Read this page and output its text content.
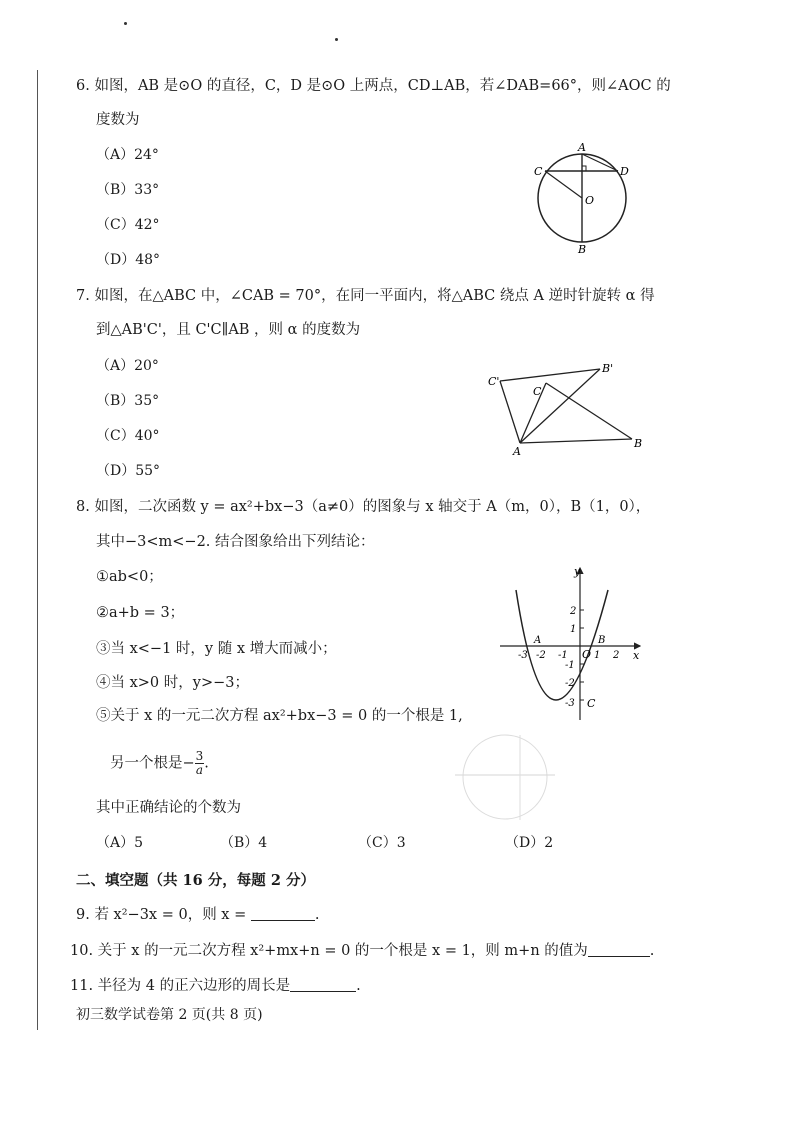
6. 如图，AB 是⊙O 的直径，C，D 是⊙O 上两点，CD⊥AB，若∠DAB=66°，则∠AOC 的
度数为
（A）24°
（B）33°
（C）42°
（D）48°
A
C	D
O
B
7. 如图，在△ABC 中，∠CAB = 70°，在同一平面内，将△ABC 绕点 A 逆时针旋转 α 得
到△AB'C'，且 C'C∥AB ，则 α 的度数为
（A）20°
（B）35°
（C）40°
（D）55°
C'
C
B'
A
B
8. 如图，二次函数 y = ax²+bx−3（a≠0）的图象与 x 轴交于 A（m，0），B（1，0），
其中−3<m<−2. 结合图象给出下列结论：
①ab<0；
②a+b = 3；
③当 x<−1 时，y 随 x 增大而减小；
④当 x>0 时，y>−3；
⑤关于 x 的一元二次方程 ax²+bx−3 = 0 的一个根是 1,
另一个根是− $\frac{3}{a}$ .
其中正确结论的个数为
（A）5	（B）4	（C）3	（D）2
y
x
O
-3 -2 -1	1 2
2
1
-1
-2
-3
A	B
C
二、填空题（共 16 分，每题 2 分）
9. 若 x²−3x = 0，则 x =	.
10. 关于 x 的一元二次方程 x²+mx+n = 0 的一个根是 x = 1，则 m+n 的值为	.
11. 半径为 4 的正六边形的周长是	.
初三数学试卷第 2 页(共 8 页)
